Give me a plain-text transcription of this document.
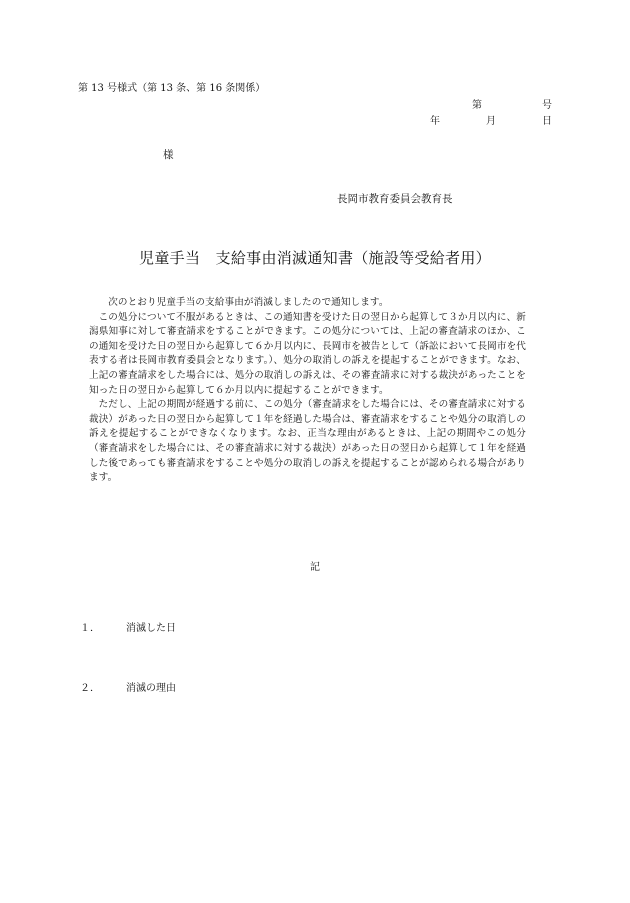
第 13 号様式（第 13 条、第 16 条関係）
第	号
年	月	日
様
長岡市教育委員会教育長
児童手当　支給事由消滅通知書（施設等受給者用）

次のとおり児童手当の支給事由が消滅しましたので通知します。

この処分について不服があるときは、この通知書を受けた日の翌日から起算して３か月以内に、新潟県知事に対して審査請求をすることができます。この処分については、上記の審査請求のほか、この通知を受けた日の翌日から起算して６か月以内に、長岡市を被告として（訴訟において長岡市を代表する者は長岡市教育委員会となります。）、処分の取消しの訴えを提起することができます。なお、上記の審査請求をした場合には、処分の取消しの訴えは、その審査請求に対する裁決があったことを知った日の翌日から起算して６か月以内に提起することができます。

ただし、上記の期間が経過する前に、この処分（審査請求をした場合には、その審査請求に対する裁決）があった日の翌日から起算して１年を経過した場合は、審査請求をすることや処分の取消しの訴えを提起することができなくなります。なお、正当な理由があるときは、上記の期間やこの処分（審査請求をした場合には、その審査請求に対する裁決）があった日の翌日から起算して１年を経過した後であっても審査請求をすることや処分の取消しの訴えを提起することが認められる場合があります。

記
１．	消滅した日
２．	消滅の理由
